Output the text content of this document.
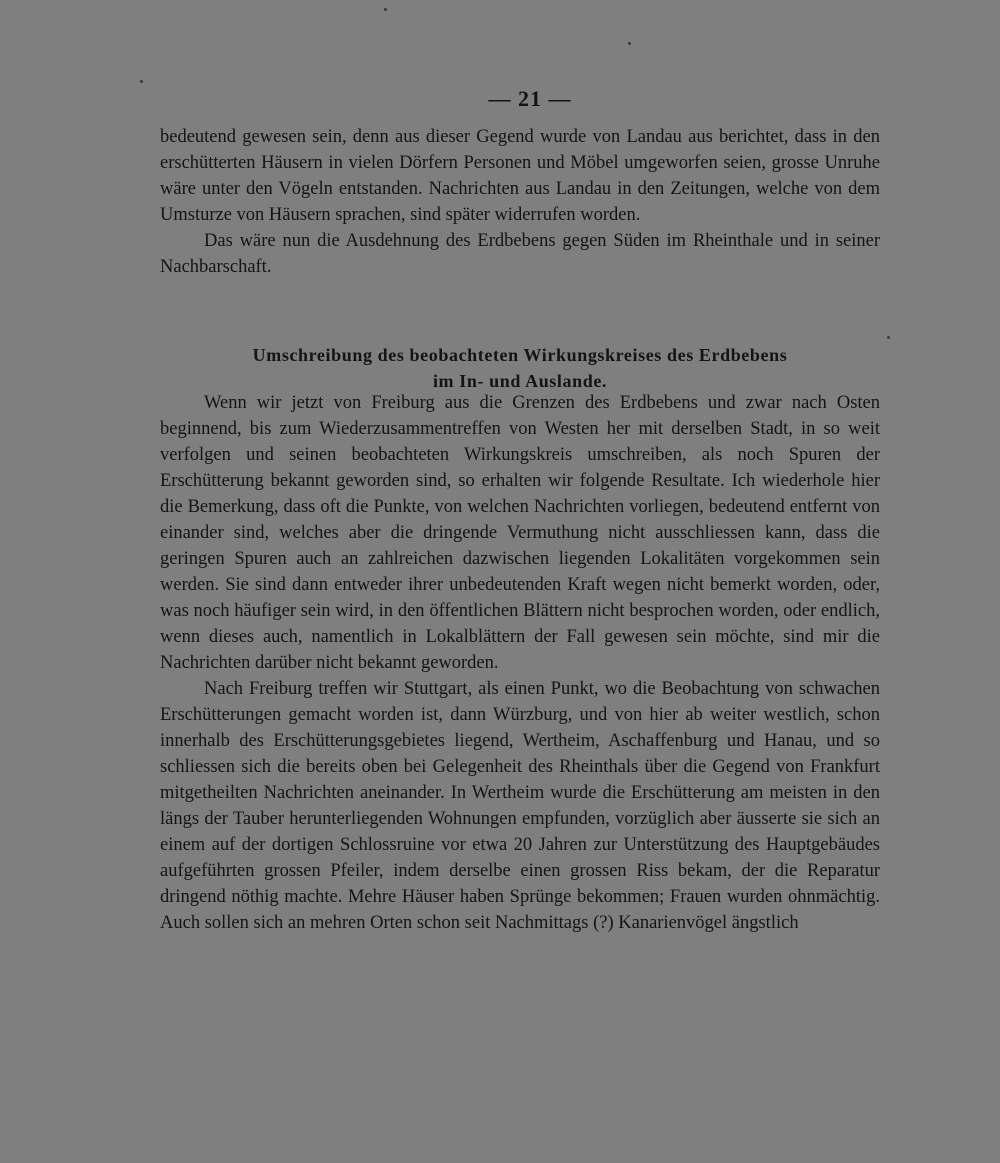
— 21 —

bedeutend gewesen sein, denn aus dieser Gegend wurde von Landau aus berichtet, dass in den erschütterten Häusern in vielen Dörfern Personen und Möbel umgeworfen seien, grosse Unruhe wäre unter den Vögeln entstanden. Nachrichten aus Landau in den Zeitungen, welche von dem Umsturze von Häusern sprachen, sind später widerrufen worden.

Das wäre nun die Ausdehnung des Erdbebens gegen Süden im Rheinthale und in seiner Nachbarschaft.

Umschreibung des beobachteten Wirkungskreises des Erdbebens
im In- und Auslande.

Wenn wir jetzt von Freiburg aus die Grenzen des Erdbebens und zwar nach Osten beginnend, bis zum Wiederzusammentreffen von Westen her mit derselben Stadt, in so weit verfolgen und seinen beobachteten Wirkungskreis umschreiben, als noch Spuren der Erschütterung bekannt geworden sind, so erhalten wir folgende Resultate. Ich wiederhole hier die Bemerkung, dass oft die Punkte, von welchen Nachrichten vorliegen, bedeutend entfernt von einander sind, welches aber die dringende Vermuthung nicht ausschliessen kann, dass die geringen Spuren auch an zahlreichen dazwischen liegenden Lokalitäten vorgekommen sein werden. Sie sind dann entweder ihrer unbedeutenden Kraft wegen nicht bemerkt worden, oder, was noch häufiger sein wird, in den öffentlichen Blättern nicht besprochen worden, oder endlich, wenn dieses auch, namentlich in Lokalblättern der Fall gewesen sein möchte, sind mir die Nachrichten darüber nicht bekannt geworden.

Nach Freiburg treffen wir Stuttgart, als einen Punkt, wo die Beobachtung von schwachen Erschütterungen gemacht worden ist, dann Würzburg, und von hier ab weiter westlich, schon innerhalb des Erschütterungsgebietes liegend, Wertheim, Aschaffenburg und Hanau, und so schliessen sich die bereits oben bei Gelegenheit des Rheinthals über die Gegend von Frankfurt mitgetheilten Nachrichten aneinander. In Wertheim wurde die Erschütterung am meisten in den längs der Tauber herunterliegenden Wohnungen empfunden, vorzüglich aber äusserte sie sich an einem auf der dortigen Schlossruine vor etwa 20 Jahren zur Unterstützung des Hauptgebäudes aufgeführten grossen Pfeiler, indem derselbe einen grossen Riss bekam, der die Reparatur dringend nöthig machte. Mehre Häuser haben Sprünge bekommen; Frauen wurden ohnmächtig. Auch sollen sich an mehren Orten schon seit Nachmittags (?) Kanarienvögel ängstlich
